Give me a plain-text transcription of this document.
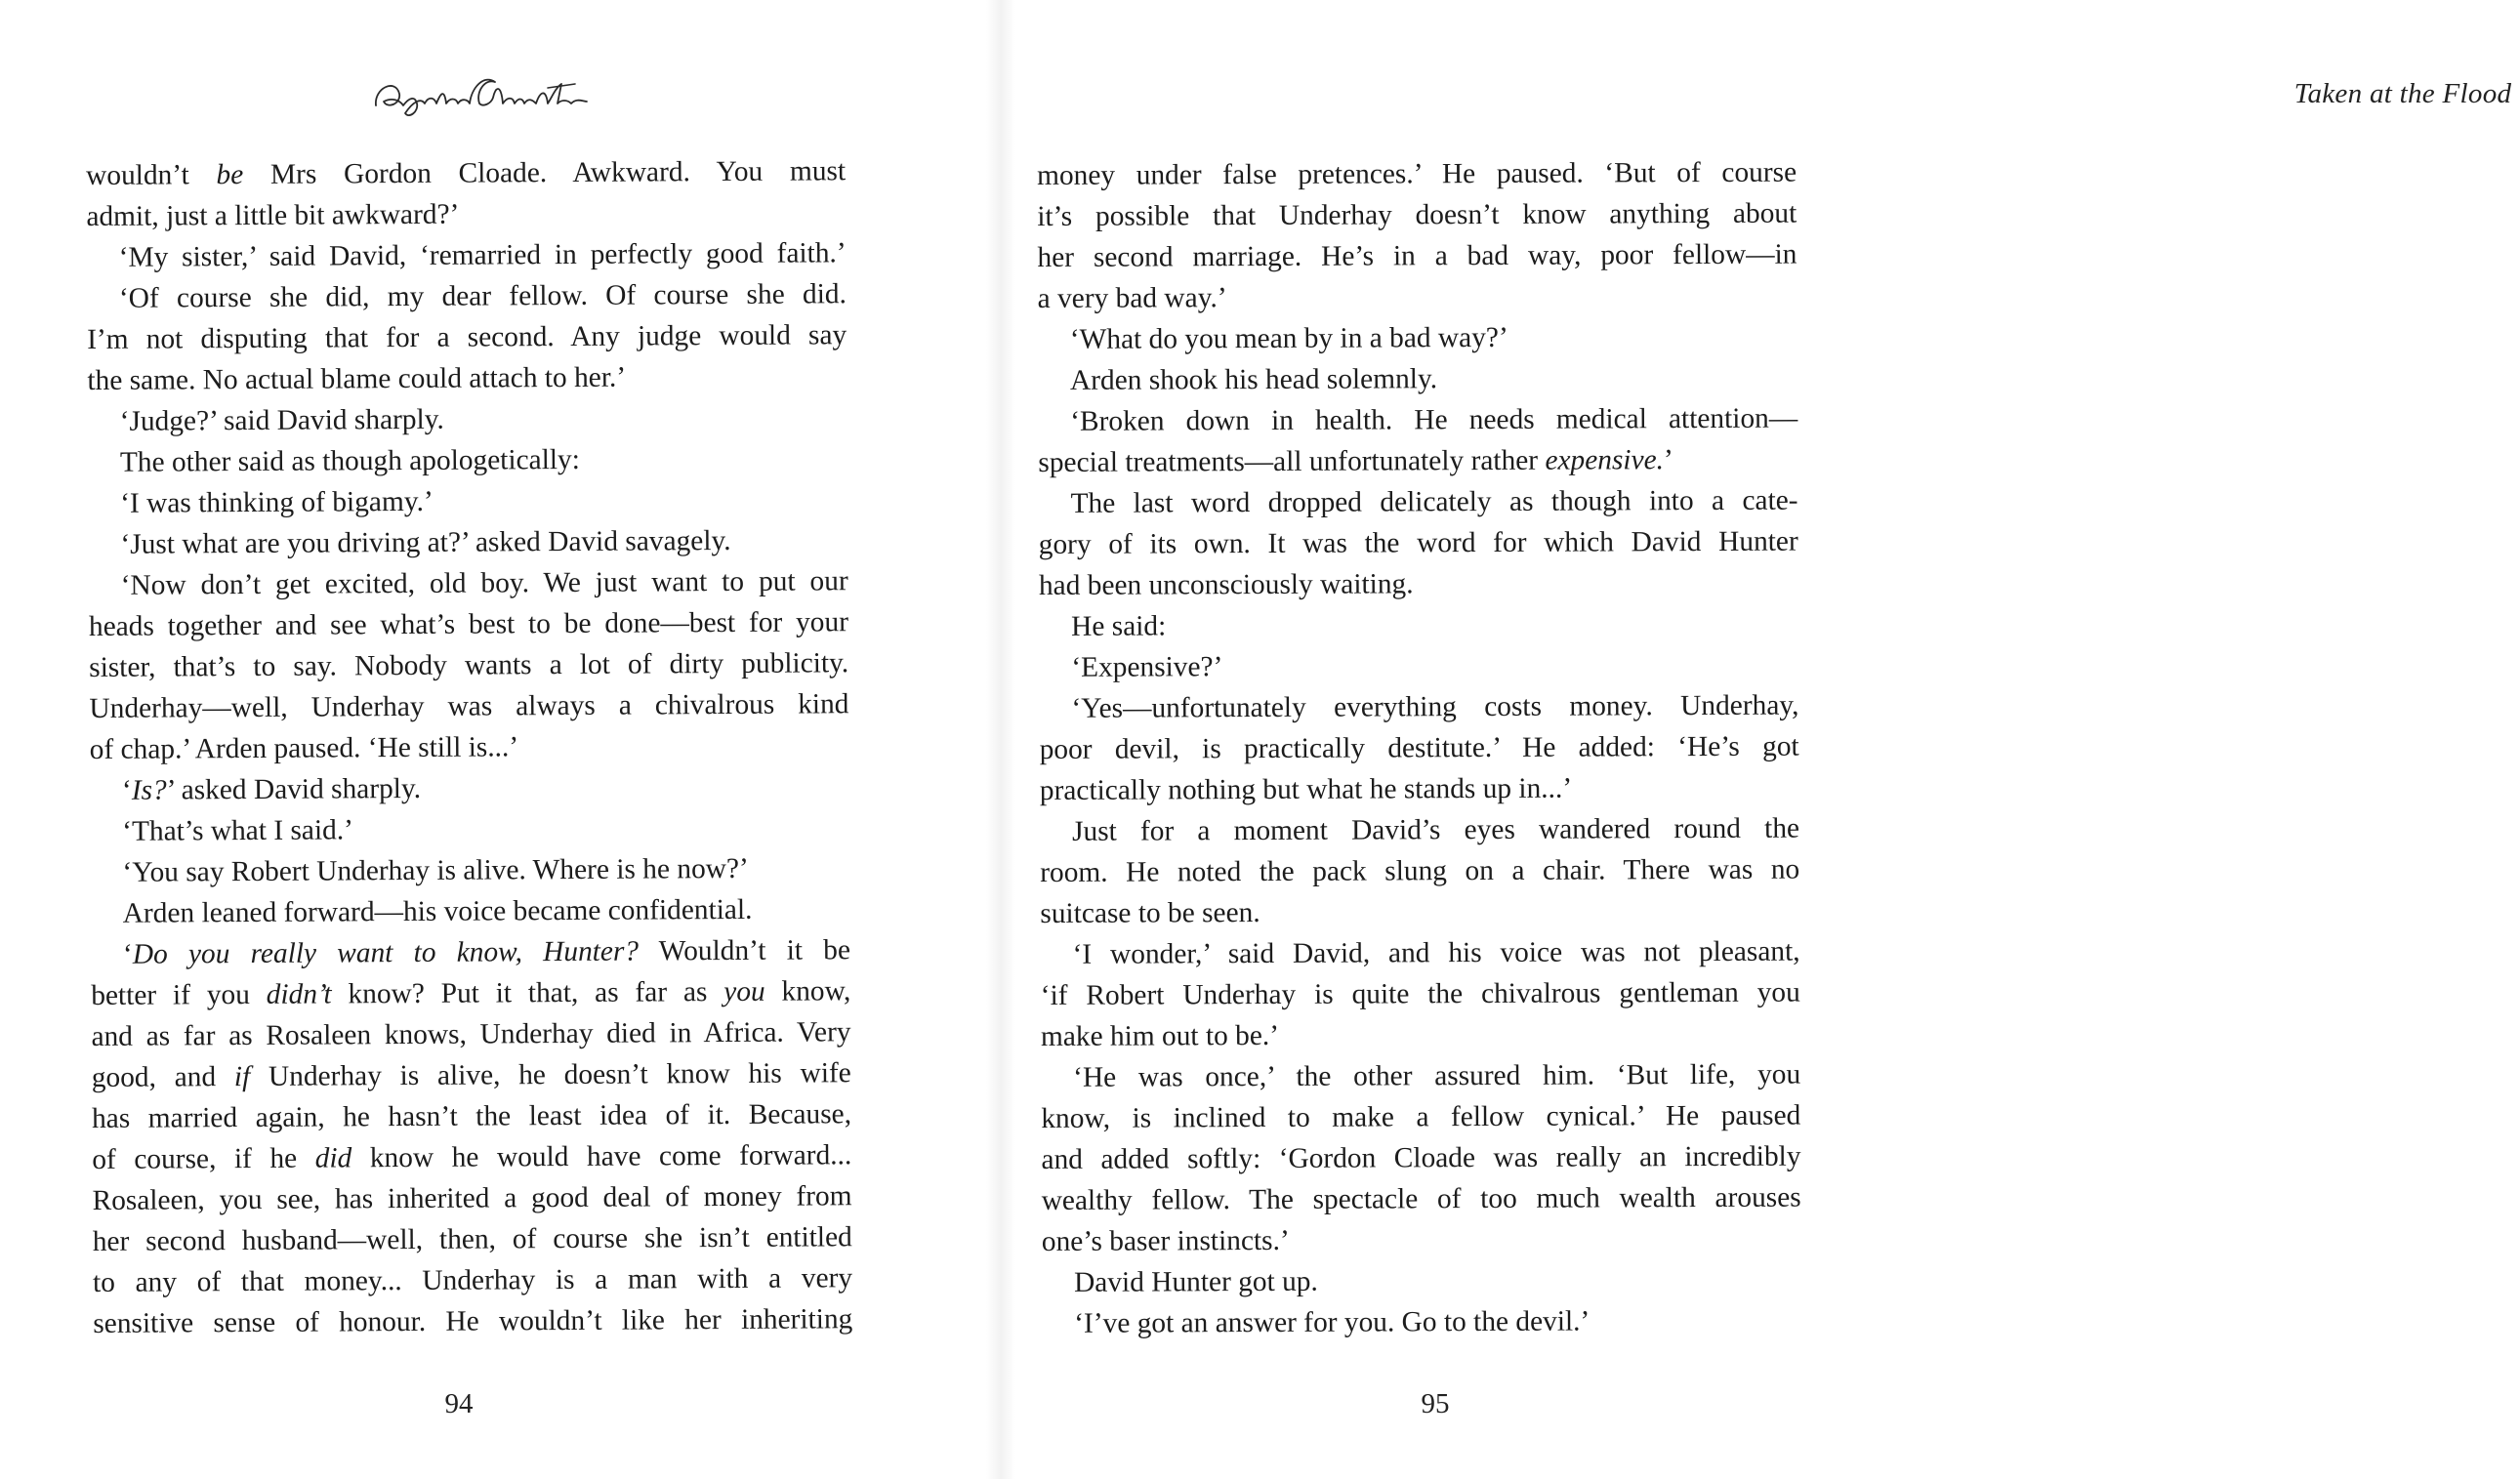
wouldn’t be Mrs Gordon Cloade. Awkward. You must
admit, just a little bit awkward?’
‘My sister,’ said David, ‘remarried in perfectly good faith.’
‘Of course she did, my dear fellow. Of course she did.
I’m not disputing that for a second. Any judge would say
the same. No actual blame could attach to her.’
‘Judge?’ said David sharply.
The other said as though apologetically:
‘I was thinking of bigamy.’
‘Just what are you driving at?’ asked David savagely.
‘Now don’t get excited, old boy. We just want to put our
heads together and see what’s best to be done—best for your
sister, that’s to say. Nobody wants a lot of dirty publicity.
Underhay—well, Underhay was always a chivalrous kind
of chap.’ Arden paused. ‘He still is...’
‘Is?’ asked David sharply.
‘That’s what I said.’
‘You say Robert Underhay is alive. Where is he now?’
Arden leaned forward—his voice became confidential.
‘Do you really want to know, Hunter? Wouldn’t it be
better if you didn’t know? Put it that, as far as you know,
and as far as Rosaleen knows, Underhay died in Africa. Very
good, and if Underhay is alive, he doesn’t know his wife
has married again, he hasn’t the least idea of it. Because,
of course, if he did know he would have come forward...
Rosaleen, you see, has inherited a good deal of money from
her second husband—well, then, of course she isn’t entitled
to any of that money... Underhay is a man with a very
sensitive sense of honour. He wouldn’t like her inheriting
94
Taken at the Flood
money under false pretences.’ He paused. ‘But of course
it’s possible that Underhay doesn’t know anything about
her second marriage. He’s in a bad way, poor fellow—in
a very bad way.’
‘What do you mean by in a bad way?’
Arden shook his head solemnly.
‘Broken down in health. He needs medical attention—
special treatments—all unfortunately rather expensive.’
The last word dropped delicately as though into a cate-
gory of its own. It was the word for which David Hunter
had been unconsciously waiting.
He said:
‘Expensive?’
‘Yes—unfortunately everything costs money. Underhay,
poor devil, is practically destitute.’ He added: ‘He’s got
practically nothing but what he stands up in...’
Just for a moment David’s eyes wandered round the
room. He noted the pack slung on a chair. There was no
suitcase to be seen.
‘I wonder,’ said David, and his voice was not pleasant,
‘if Robert Underhay is quite the chivalrous gentleman you
make him out to be.’
‘He was once,’ the other assured him. ‘But life, you
know, is inclined to make a fellow cynical.’ He paused
and added softly: ‘Gordon Cloade was really an incredibly
wealthy fellow. The spectacle of too much wealth arouses
one’s baser instincts.’
David Hunter got up.
‘I’ve got an answer for you. Go to the devil.’
95
